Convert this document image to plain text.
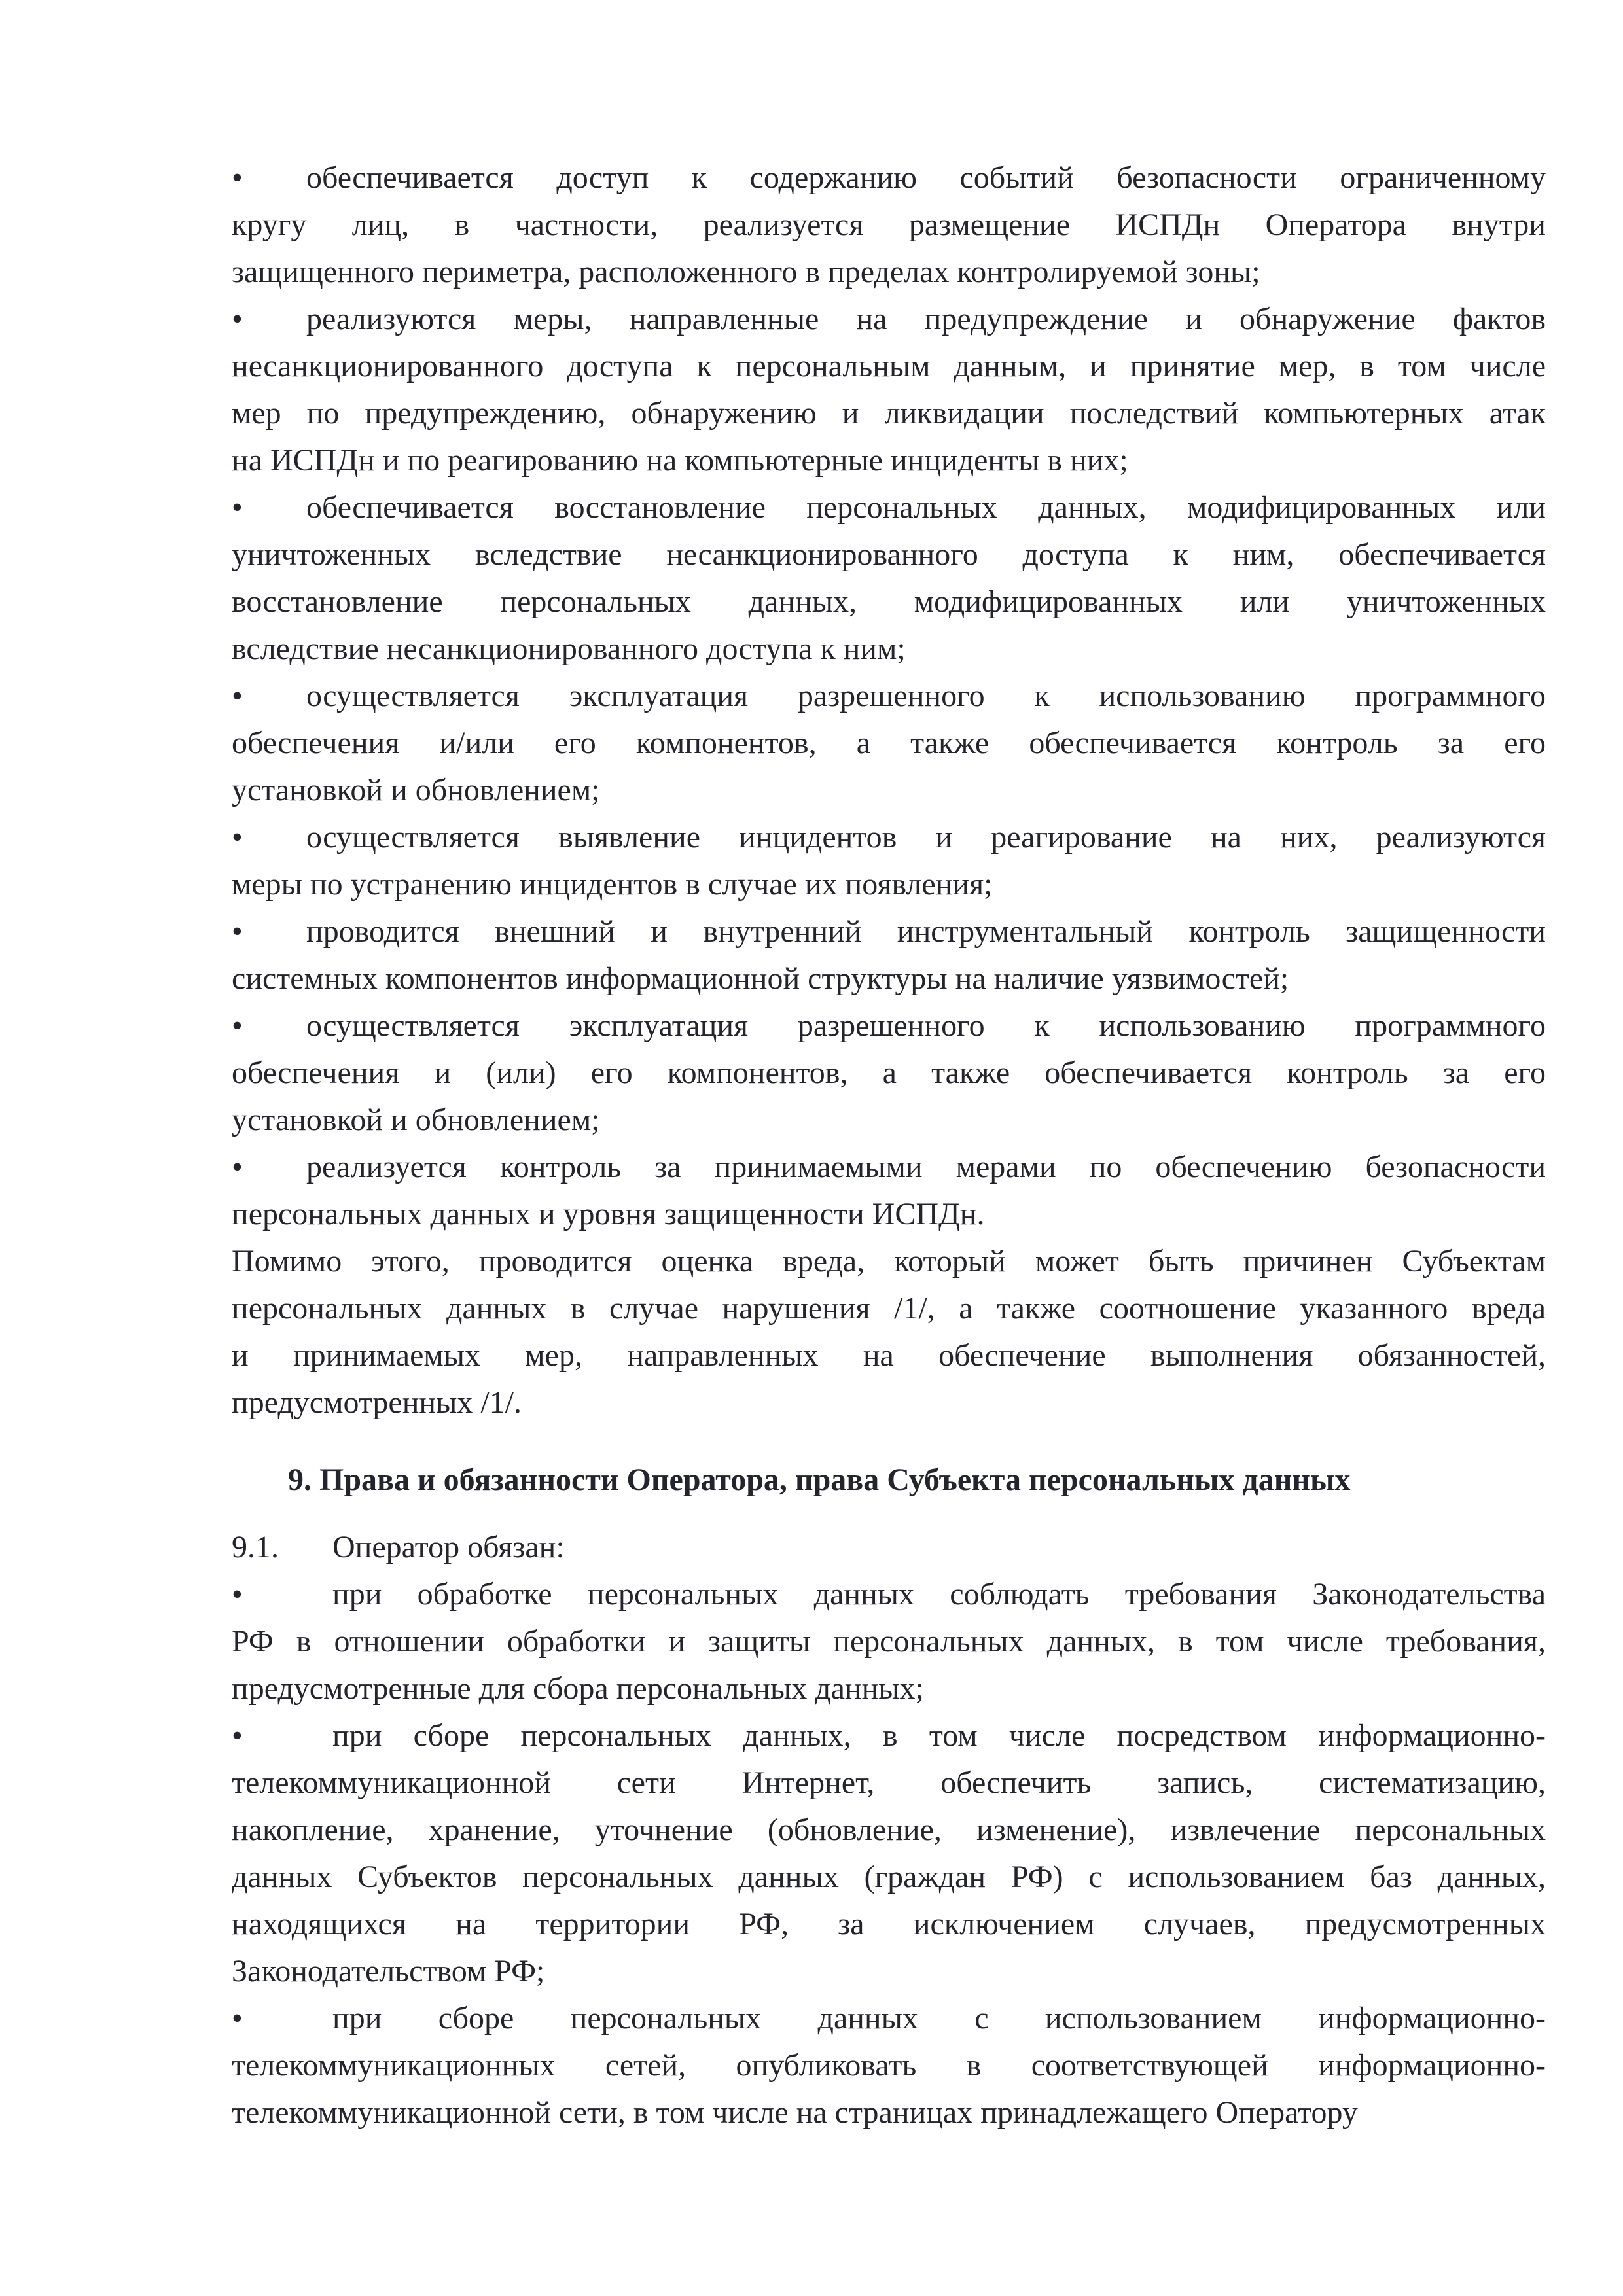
•	обеспечивается доступ к содержанию событий безопасности ограниченному
кругу лиц, в частности, реализуется размещение ИСПДн Оператора внутри
защищенного периметра, расположенного в пределах контролируемой зоны;
•	реализуются меры, направленные на предупреждение и обнаружение фактов
несанкционированного доступа к персональным данным, и принятие мер, в том числе
мер по предупреждению, обнаружению и ликвидации последствий компьютерных атак
на ИСПДн и по реагированию на компьютерные инциденты в них;
•	обеспечивается восстановление персональных данных, модифицированных или
уничтоженных вследствие несанкционированного доступа к ним, обеспечивается
восстановление персональных данных, модифицированных или уничтоженных
вследствие несанкционированного доступа к ним;
•	осуществляется эксплуатация разрешенного к использованию программного
обеспечения и/или его компонентов, а также обеспечивается контроль за его
установкой и обновлением;
•	осуществляется выявление инцидентов и реагирование на них, реализуются
меры по устранению инцидентов в случае их появления;
•	проводится внешний и внутренний инструментальный контроль защищенности
системных компонентов информационной структуры на наличие уязвимостей;
•	осуществляется эксплуатация разрешенного к использованию программного
обеспечения и (или) его компонентов, а также обеспечивается контроль за его
установкой и обновлением;
•	реализуется контроль за принимаемыми мерами по обеспечению безопасности
персональных данных и уровня защищенности ИСПДн.
Помимо этого, проводится оценка вреда, который может быть причинен Субъектам
персональных данных в случае нарушения /1/, а также соотношение указанного вреда
и принимаемых мер, направленных на обеспечение выполнения обязанностей,
предусмотренных /1/.
9. Права и обязанности Оператора, права Субъекта персональных данных
9.1.	Оператор обязан:
•	при обработке персональных данных соблюдать требования Законодательства
РФ в отношении обработки и защиты персональных данных, в том числе требования,
предусмотренные для сбора персональных данных;
•	при сборе персональных данных, в том числе посредством информационно-
телекоммуникационной сети Интернет, обеспечить запись, систематизацию,
накопление, хранение, уточнение (обновление, изменение), извлечение персональных
данных Субъектов персональных данных (граждан РФ) с использованием баз данных,
находящихся на территории РФ, за исключением случаев, предусмотренных
Законодательством РФ;
•	при сборе персональных данных с использованием информационно-
телекоммуникационных сетей, опубликовать в соответствующей информационно-
телекоммуникационной сети, в том числе на страницах принадлежащего Оператору
